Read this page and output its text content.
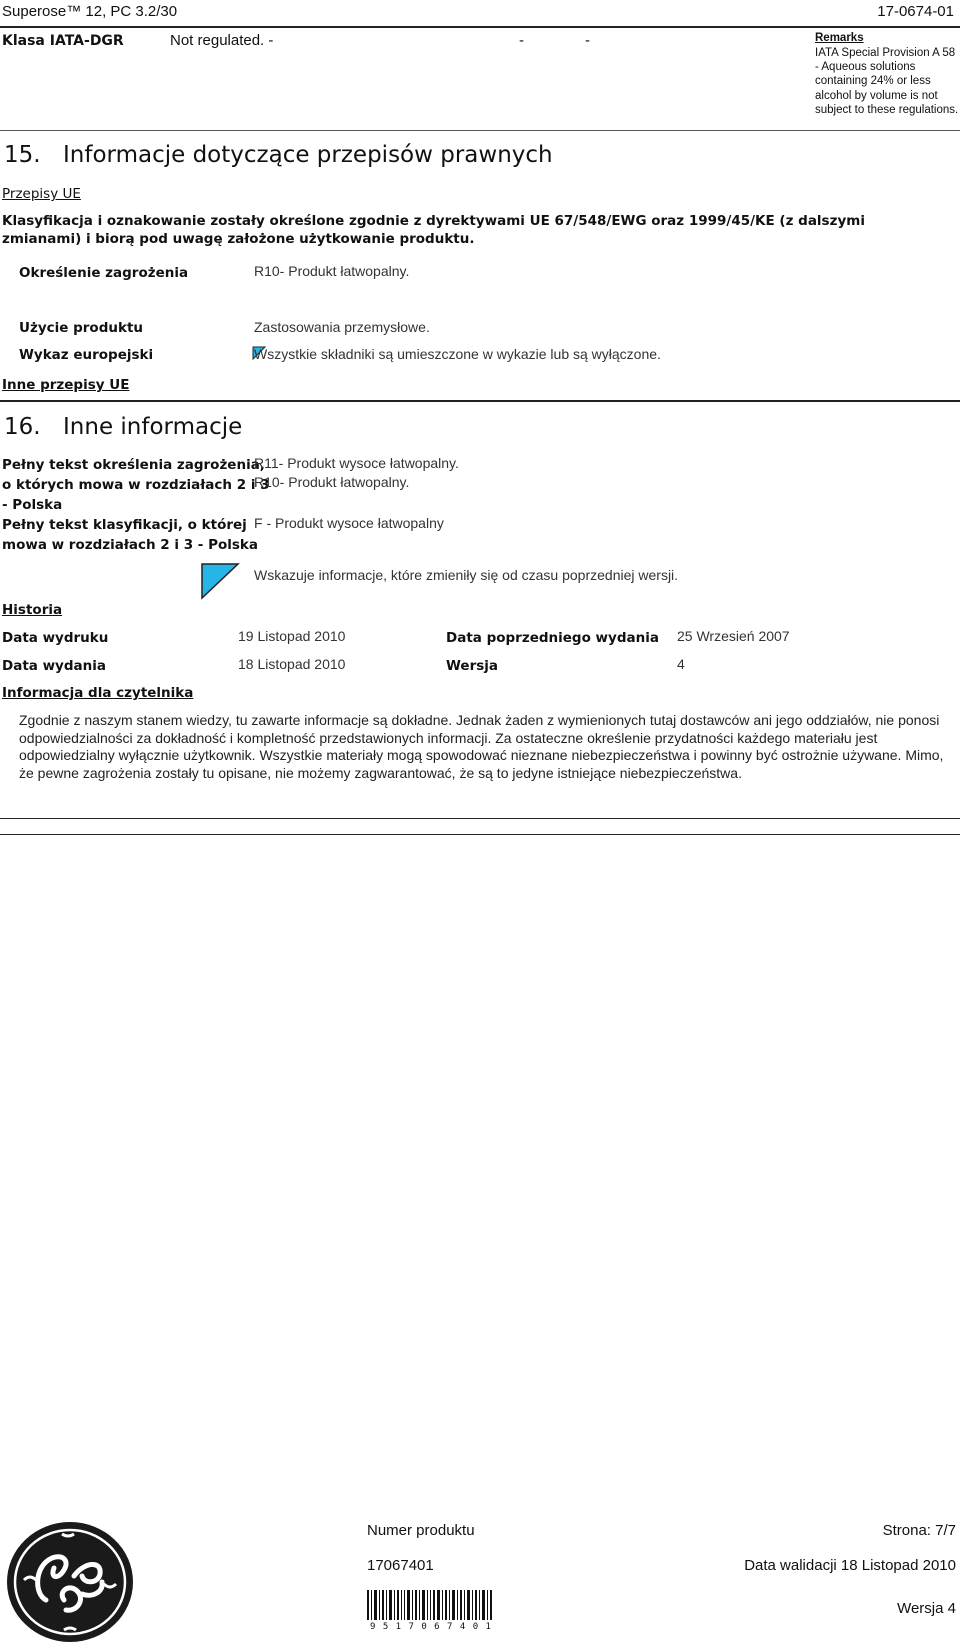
Superose™ 12, PC 3.2/30	17-0674-01
Klasa IATA-DGR	Not regulated. -	-	-	Remarks
IATA Special Provision A 58 - Aqueous solutions containing 24% or less alcohol by volume is not subject to these regulations.
15. Informacje dotyczące przepisów prawnych
Przepisy UE
Klasyfikacja i oznakowanie zostały określone zgodnie z dyrektywami UE 67/548/EWG oraz 1999/45/KE (z dalszymi zmianami) i biorą pod uwagę założone użytkowanie produktu.
Określenie zagrożenia	R10- Produkt łatwopalny.
Użycie produktu	Zastosowania przemysłowe.
Wykaz europejski	Wszystkie składniki są umieszczone w wykazie lub są wyłączone.
Inne przepisy UE
16. Inne informacje
Pełny tekst określenia zagrożenia,
o których mowa w rozdziałach 2 i 3
- Polska
R11- Produkt wysoce łatwopalny.
R10- Produkt łatwopalny.
Pełny tekst klasyfikacji, o której
mowa w rozdziałach 2 i 3 - Polska
F - Produkt wysoce łatwopalny
Wskazuje informacje, które zmieniły się od czasu poprzedniej wersji.
Historia
Data wydruku	19 Listopad 2010	Data poprzedniego wydania 25 Wrzesień 2007
Data wydania	18 Listopad 2010	Wersja	4
Informacja dla czytelnika
Zgodnie z naszym stanem wiedzy, tu zawarte informacje są dokładne. Jednak żaden z wymienionych tutaj dostawców ani jego oddziałów, nie ponosi odpowiedzialności za dokładność i kompletność przedstawionych informacji. Za ostateczne określenie przydatności każdego materiału jest odpowiedzialny wyłącznie użytkownik. Wszystkie materiały mogą spowodować nieznane niebezpieczeństwa i powinny być ostrożnie używane. Mimo, że pewne zagrożenia zostały tu opisane, nie możemy zagwarantować, że są to jedyne istniejące niebezpieczeństwa.
Numer produktu	Strona: 7/7
17067401	Data walidacji 18 Listopad 2010
9 5 1 7 0 6 7 4 0 1
Wersja 4
